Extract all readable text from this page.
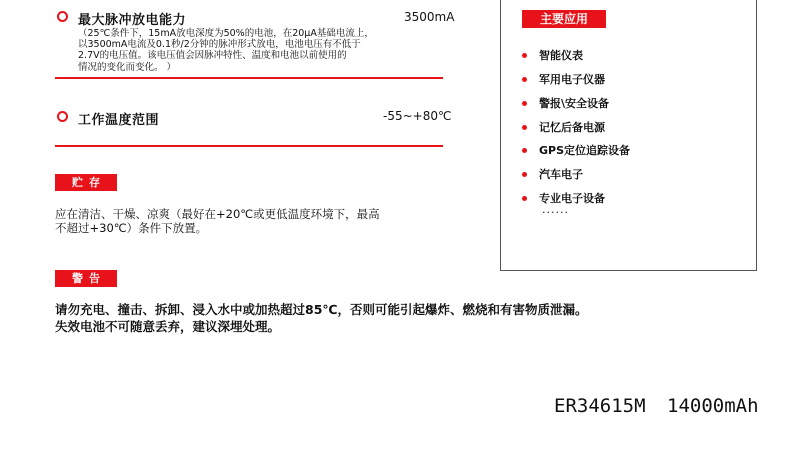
最大脉冲放电能力	3500mA
（25℃条件下，15mA放电深度为50%的电池，在20μA基础电流上，
以3500mA电流及0.1秒/2分钟的脉冲形式放电，电池电压有不低于
2.7V的电压值。该电压值会因脉冲特性、温度和电池以前使用的
情况的变化而变化。 ）
工作温度范围	-55~+80℃
贮存
应在清洁、干燥、凉爽（最好在+20℃或更低温度环境下，最高
不超过+30℃）条件下放置。
警告
请勿充电、撞击、拆卸、浸入水中或加热超过85℃，否则可能引起爆炸、燃烧和有害物质泄漏。
失效电池不可随意丢弃，建议深埋处理。
主要应用
智能仪表
军用电子仪器
警报\安全设备
记忆后备电源
GPS定位追踪设备
汽车电子
专业电子设备
......
ER34615M 14000mAh
